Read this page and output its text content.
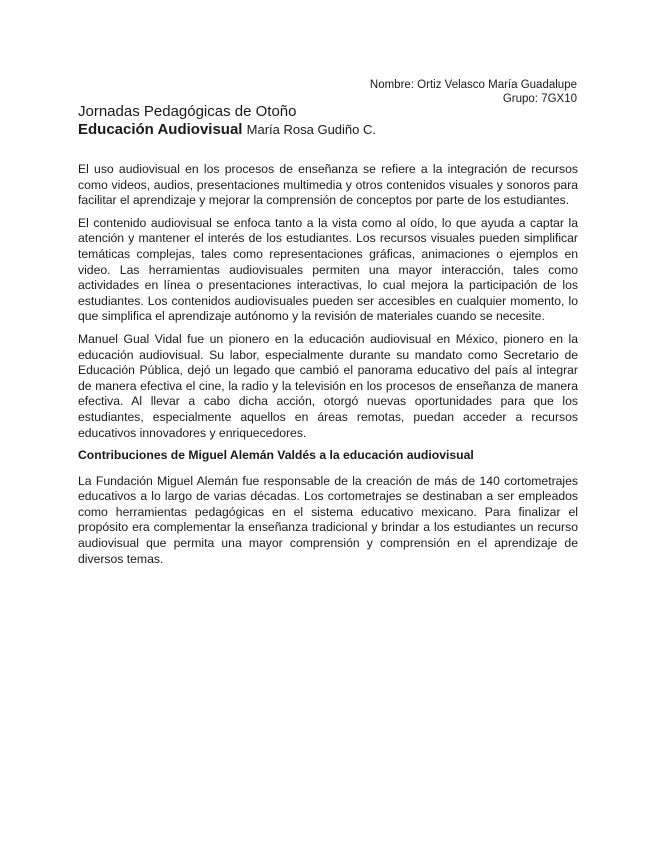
Nombre: Ortiz Velasco María Guadalupe
Grupo: 7GX10
Jornadas Pedagógicas de Otoño
Educación Audiovisual María Rosa Gudiño C.

El uso audiovisual en los procesos de enseñanza se refiere a la integración de recursos como videos, audios, presentaciones multimedia y otros contenidos visuales y sonoros para facilitar el aprendizaje y mejorar la comprensión de conceptos por parte de los estudiantes.

El contenido audiovisual se enfoca tanto a la vista como al oído, lo que ayuda a captar la atención y mantener el interés de los estudiantes. Los recursos visuales pueden simplificar temáticas complejas, tales como representaciones gráficas, animaciones o ejemplos en video. Las herramientas audiovisuales permiten una mayor interacción, tales como actividades en línea o presentaciones interactivas, lo cual mejora la participación de los estudiantes. Los contenidos audiovisuales pueden ser accesibles en cualquier momento, lo que simplifica el aprendizaje autónomo y la revisión de materiales cuando se necesite.

Manuel Gual Vidal fue un pionero en la educación audiovisual en México, pionero en la educación audiovisual. Su labor, especialmente durante su mandato como Secretario de Educación Pública, dejó un legado que cambió el panorama educativo del país al integrar de manera efectiva el cine, la radio y la televisión en los procesos de enseñanza de manera efectiva. Al llevar a cabo dicha acción, otorgó nuevas oportunidades para que los estudiantes, especialmente aquellos en áreas remotas, puedan acceder a recursos educativos innovadores y enriquecedores.

Contribuciones de Miguel Alemán Valdés a la educación audiovisual

La Fundación Miguel Alemán fue responsable de la creación de más de 140 cortometrajes educativos a lo largo de varias décadas. Los cortometrajes se destinaban a ser empleados como herramientas pedagógicas en el sistema educativo mexicano. Para finalizar el propósito era complementar la enseñanza tradicional y brindar a los estudiantes un recurso audiovisual que permita una mayor comprensión y comprensión en el aprendizaje de diversos temas.
